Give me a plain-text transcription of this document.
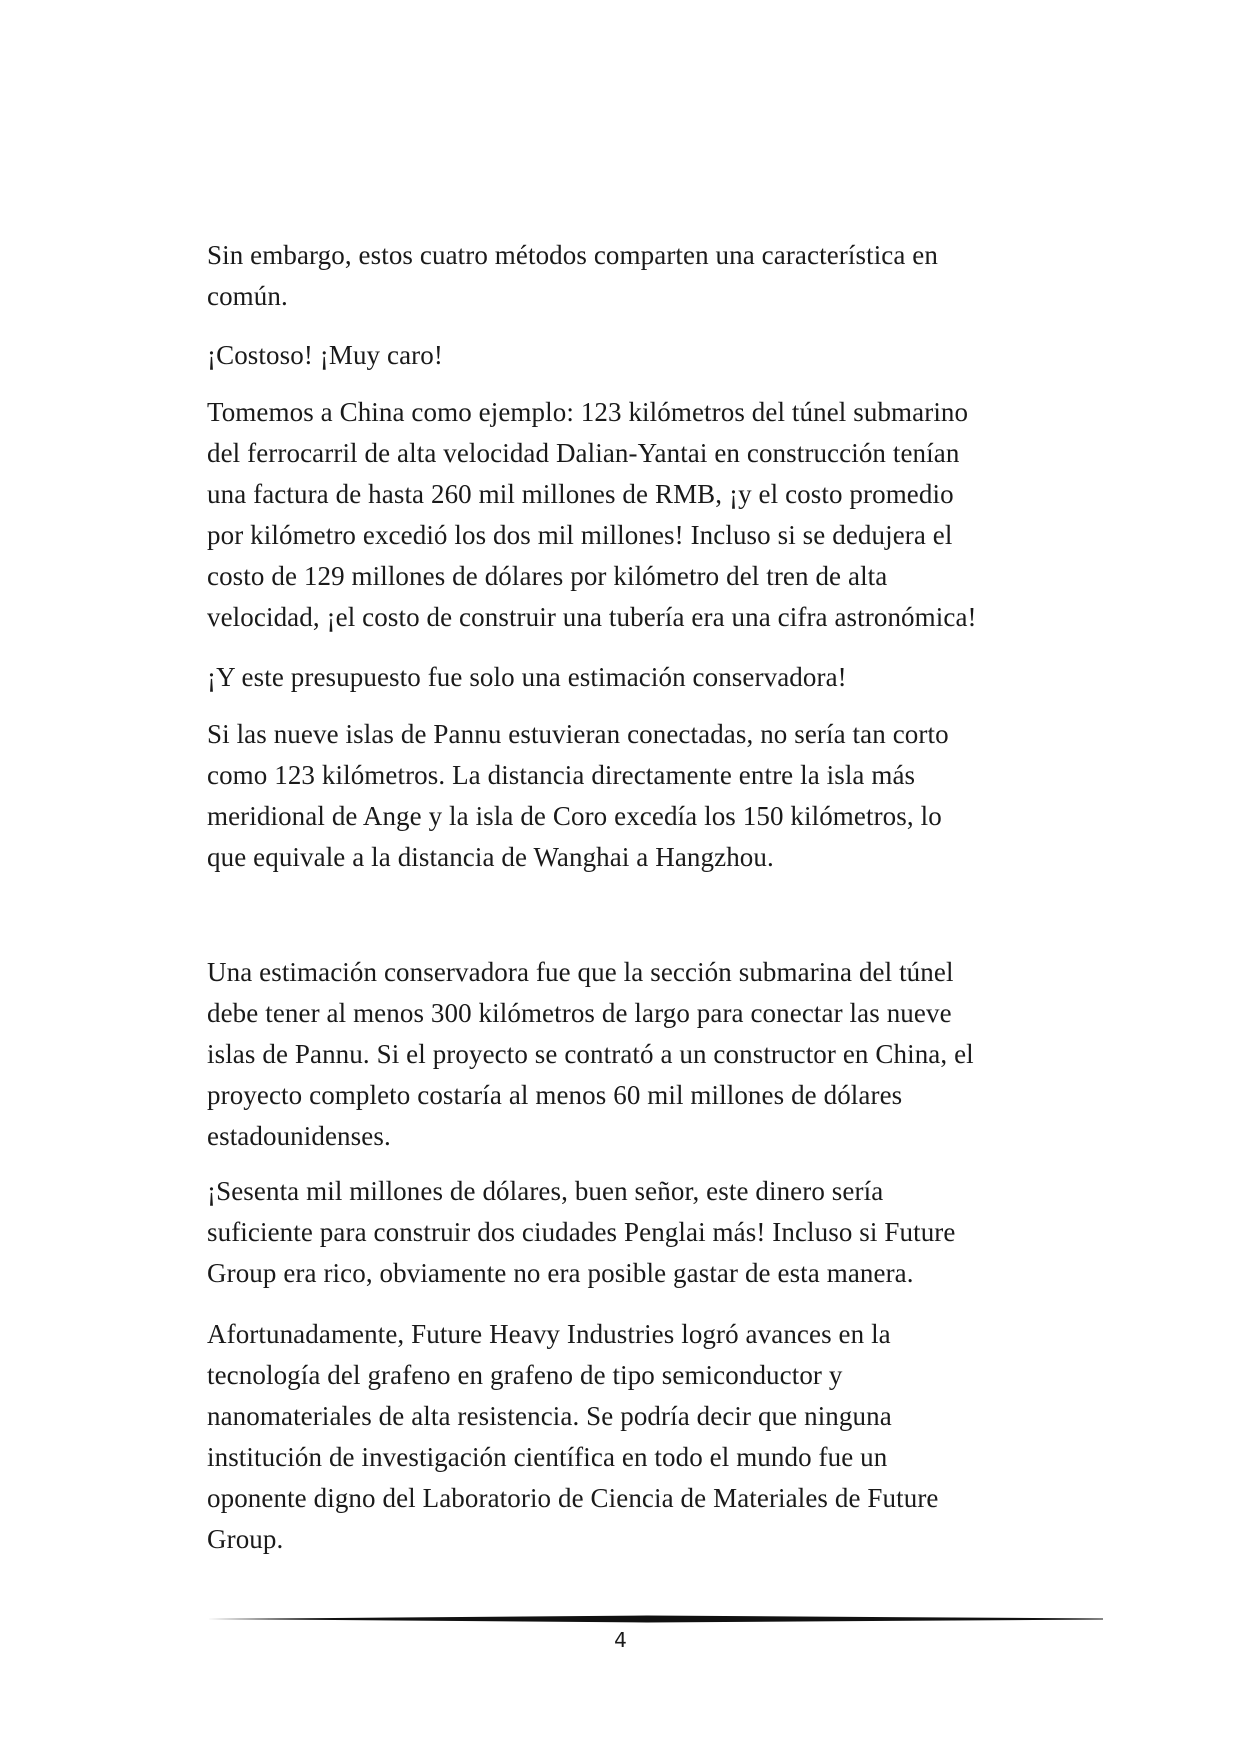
Sin embargo, estos cuatro métodos comparten una característica en
común.

¡Costoso! ¡Muy caro!

Tomemos a China como ejemplo: 123 kilómetros del túnel submarino
del ferrocarril de alta velocidad Dalian-Yantai en construcción tenían
una factura de hasta 260 mil millones de RMB, ¡y el costo promedio
por kilómetro excedió los dos mil millones! Incluso si se dedujera el
costo de 129 millones de dólares por kilómetro del tren de alta
velocidad, ¡el costo de construir una tubería era una cifra astronómica!

¡Y este presupuesto fue solo una estimación conservadora!

Si las nueve islas de Pannu estuvieran conectadas, no sería tan corto
como 123 kilómetros. La distancia directamente entre la isla más
meridional de Ange y la isla de Coro excedía los 150 kilómetros, lo
que equivale a la distancia de Wanghai a Hangzhou.

Una estimación conservadora fue que la sección submarina del túnel
debe tener al menos 300 kilómetros de largo para conectar las nueve
islas de Pannu. Si el proyecto se contrató a un constructor en China, el
proyecto completo costaría al menos 60 mil millones de dólares
estadounidenses.

¡Sesenta mil millones de dólares, buen señor, este dinero sería
suficiente para construir dos ciudades Penglai más! Incluso si Future
Group era rico, obviamente no era posible gastar de esta manera.

Afortunadamente, Future Heavy Industries logró avances en la
tecnología del grafeno en grafeno de tipo semiconductor y
nanomateriales de alta resistencia. Se podría decir que ninguna
institución de investigación científica en todo el mundo fue un
oponente digno del Laboratorio de Ciencia de Materiales de Future
Group.

4
